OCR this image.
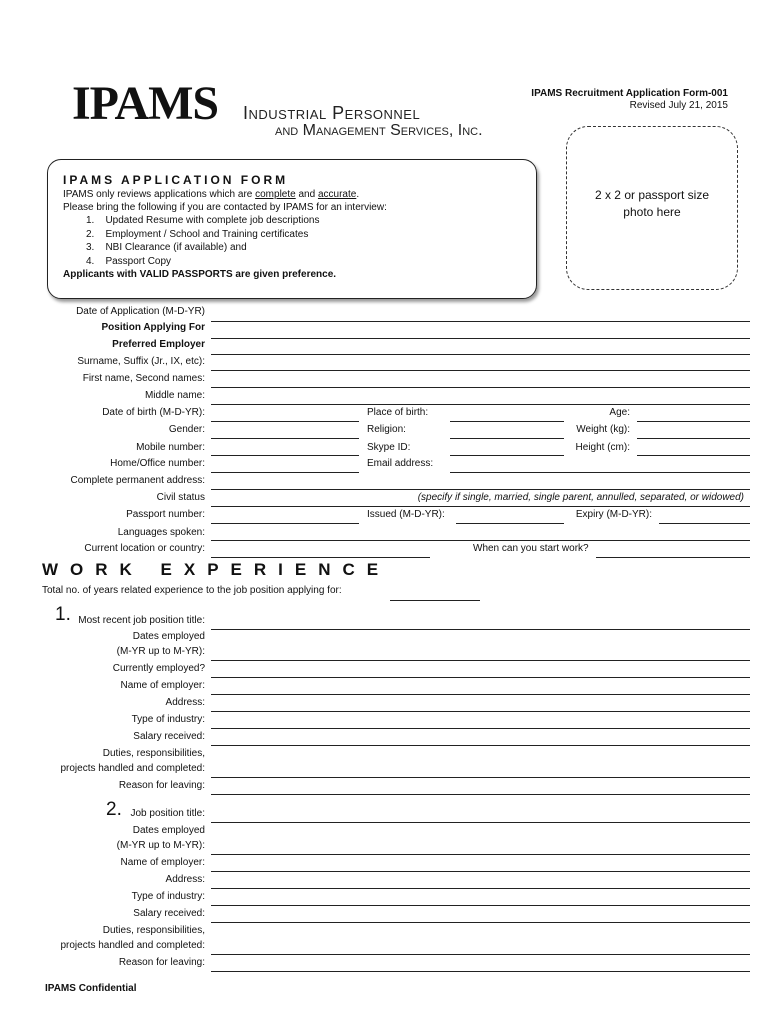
IPAMS Industrial Personnel
and Management Services, Inc.
IPAMS Recruitment Application Form-001
Revised July 21, 2015
IPAMS APPLICATION FORM
IPAMS only reviews applications which are complete and accurate.
Please bring the following if you are contacted by IPAMS for an interview:
1.    Updated Resume with complete job descriptions
2.    Employment / School and Training certificates
3.    NBI Clearance (if available) and
4.    Passport Copy
Applicants with VALID PASSPORTS are given preference.
2 x 2 or passport size
photo here
Date of Application (M-D-YR)
Position Applying For
Preferred Employer
Surname, Suffix (Jr., IX, etc):
First name, Second names:
Middle name:
Date of birth (M-D-YR):	Place of birth:	Age:
Gender:	Religion:	Weight (kg):
Mobile number:	Skype ID:	Height (cm):
Home/Office number:	Email address:
Complete permanent address:
Civil status	(specify if single, married, single parent, annulled, separated, or widowed)
Passport number:	Issued (M-D-YR):	Expiry (M-D-YR):
Languages spoken:
Current location or country:	When can you start work?
WORK EXPERIENCE
Total no. of years related experience to the job position applying for:
1. Most recent job position title:
Dates employed
(M-YR up to M-YR):
Currently employed?
Name of employer:
Address:
Type of industry:
Salary received:
Duties, responsibilities,
projects handled and completed:
Reason for leaving:
2. Job position title:
Dates employed
(M-YR up to M-YR):
Name of employer:
Address:
Type of industry:
Salary received:
Duties, responsibilities,
projects handled and completed:
Reason for leaving:
IPAMS Confidential
